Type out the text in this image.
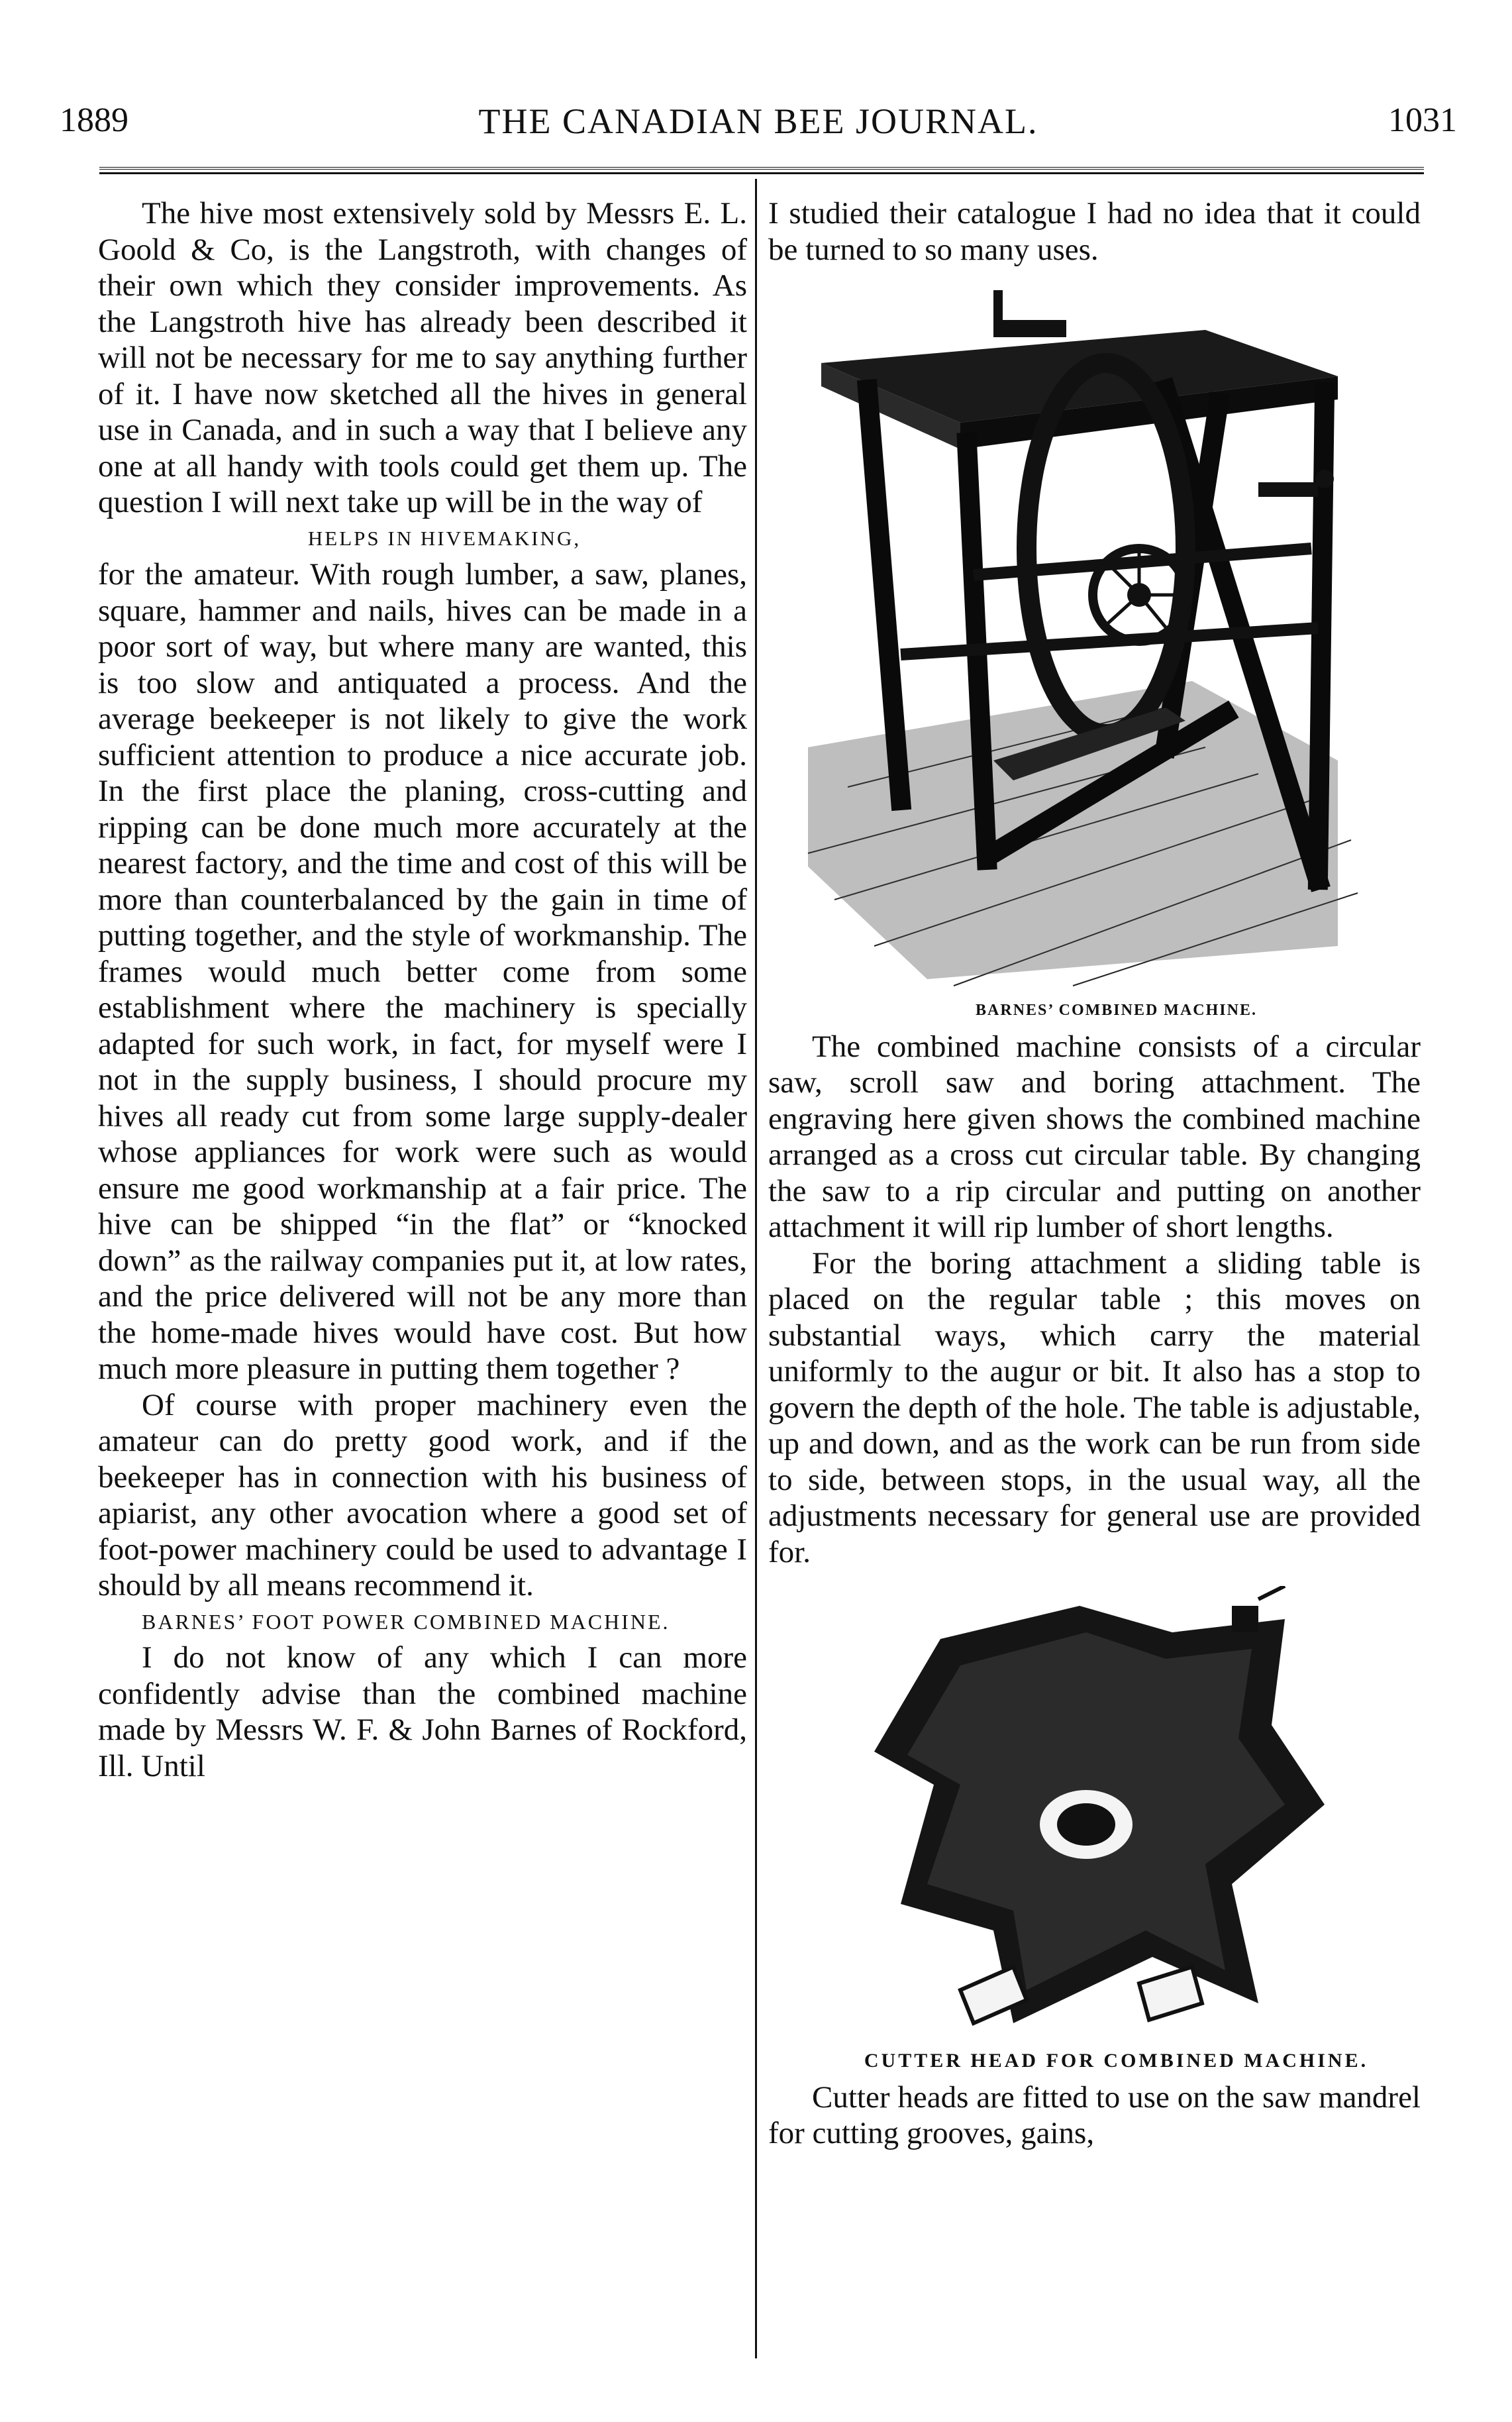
1889	THE CANADIAN BEE JOURNAL.	1031

The hive most extensively sold by Messrs E. L. Goold & Co, is the Langstroth, with changes of their own which they consider improvements. As the Langstroth hive has already been described it will not be necessary for me to say anything further of it. I have now sketched all the hives in general use in Canada, and in such a way that I believe any one at all handy with tools could get them up. The question I will next take up will be in the way of

HELPS IN HIVEMAKING,

for the amateur. With rough lumber, a saw, planes, square, hammer and nails, hives can be made in a poor sort of way, but where many are wanted, this is too slow and antiquated a process. And the average beekeeper is not likely to give the work sufficient attention to produce a nice accurate job. In the first place the planing, cross-cutting and ripping can be done much more accurately at the nearest factory, and the time and cost of this will be more than counterbalanced by the gain in time of putting together, and the style of workmanship. The frames would much better come from some establishment where the machinery is specially adapted for such work, in fact, for myself were I not in the supply business, I should procure my hives all ready cut from some large supply-dealer whose appliances for work were such as would ensure me good workmanship at a fair price. The hive can be shipped “in the flat” or “knocked down” as the railway companies put it, at low rates, and the price delivered will not be any more than the home-made hives would have cost. But how much more pleasure in putting them together ?

Of course with proper machinery even the amateur can do pretty good work, and if the beekeeper has in connection with his business of apiarist, any other avocation where a good set of foot-power machinery could be used to advantage I should by all means recommend it.

BARNES’ FOOT POWER COMBINED MACHINE.

I do not know of any which I can more confidently advise than the combined machine made by Messrs W. F. & John Barnes of Rockford, Ill. Until

I studied their catalogue I had no idea that it could be turned to so many uses.

BARNES’ COMBINED MACHINE.

The combined machine consists of a circular saw, scroll saw and boring attachment. The engraving here given shows the combined machine arranged as a cross cut circular table. By changing the saw to a rip circular and putting on another attachment it will rip lumber of short lengths.

For the boring attachment a sliding table is placed on the regular table ; this moves on substantial ways, which carry the material uniformly to the augur or bit. It also has a stop to govern the depth of the hole. The table is adjustable, up and down, and as the work can be run from side to side, between stops, in the usual way, all the adjustments necessary for general use are provided for.

CUTTER HEAD FOR COMBINED MACHINE.

Cutter heads are fitted to use on the saw mandrel for cutting grooves, gains,
